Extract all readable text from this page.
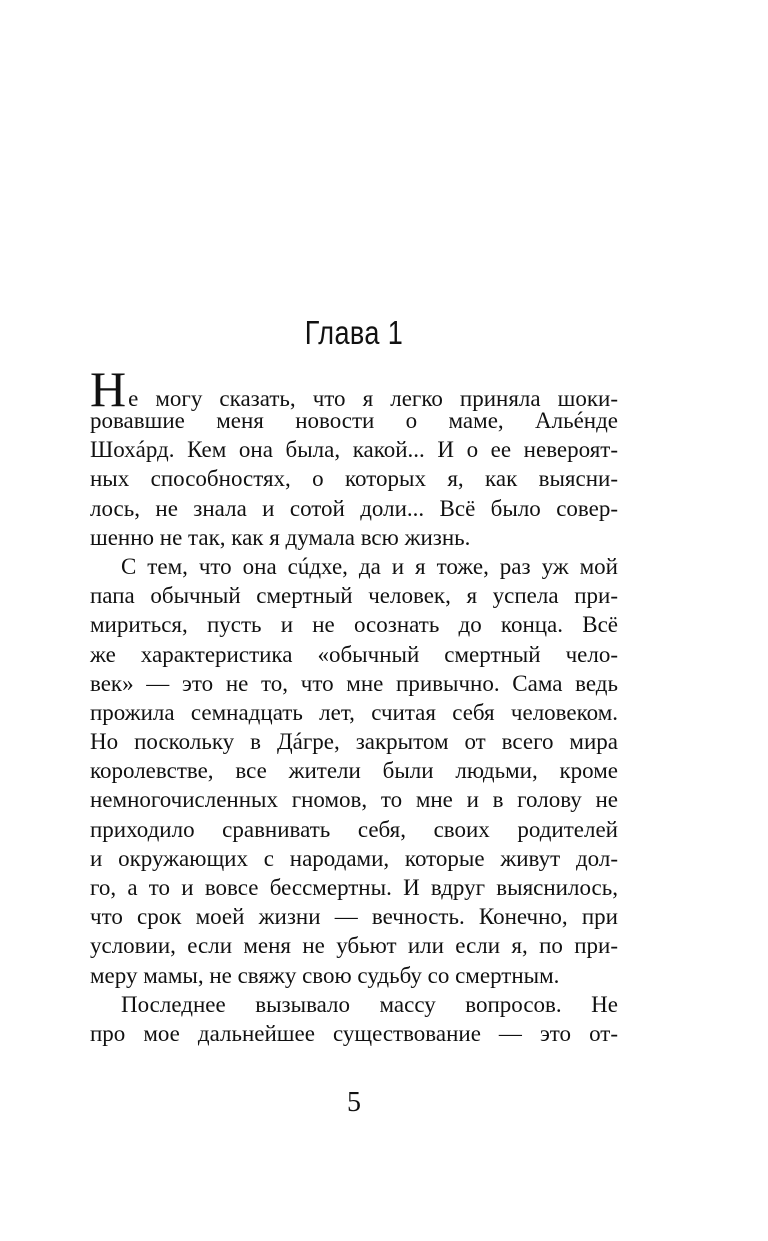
Глава 1
Не могу сказать, что я легко приняла шоки-
ровавшие меня новости о маме, Альéнде
Шохáрд. Кем она была, какой... И о ее невероят-
ных способностях, о которых я, как выясни-
лось, не знала и сотой доли... Всё было совер-
шенно не так, как я думала всю жизнь.
С тем, что она сúдхе, да и я тоже, раз уж мой
папа обычный смертный человек, я успела при-
мириться, пусть и не осознать до конца. Всё
же характеристика «обычный смертный чело-
век» — это не то, что мне привычно. Сама ведь
прожила семнадцать лет, считая себя человеком.
Но поскольку в Дáгре, закрытом от всего мира
королевстве, все жители были людьми, кроме
немногочисленных гномов, то мне и в голову не
приходило сравнивать себя, своих родителей
и окружающих с народами, которые живут дол-
го, а то и вовсе бессмертны. И вдруг выяснилось,
что срок моей жизни — вечность. Конечно, при
условии, если меня не убьют или если я, по при-
меру мамы, не свяжу свою судьбу со смертным.
Последнее вызывало массу вопросов. Не
про мое дальнейшее существование — это от-
5
